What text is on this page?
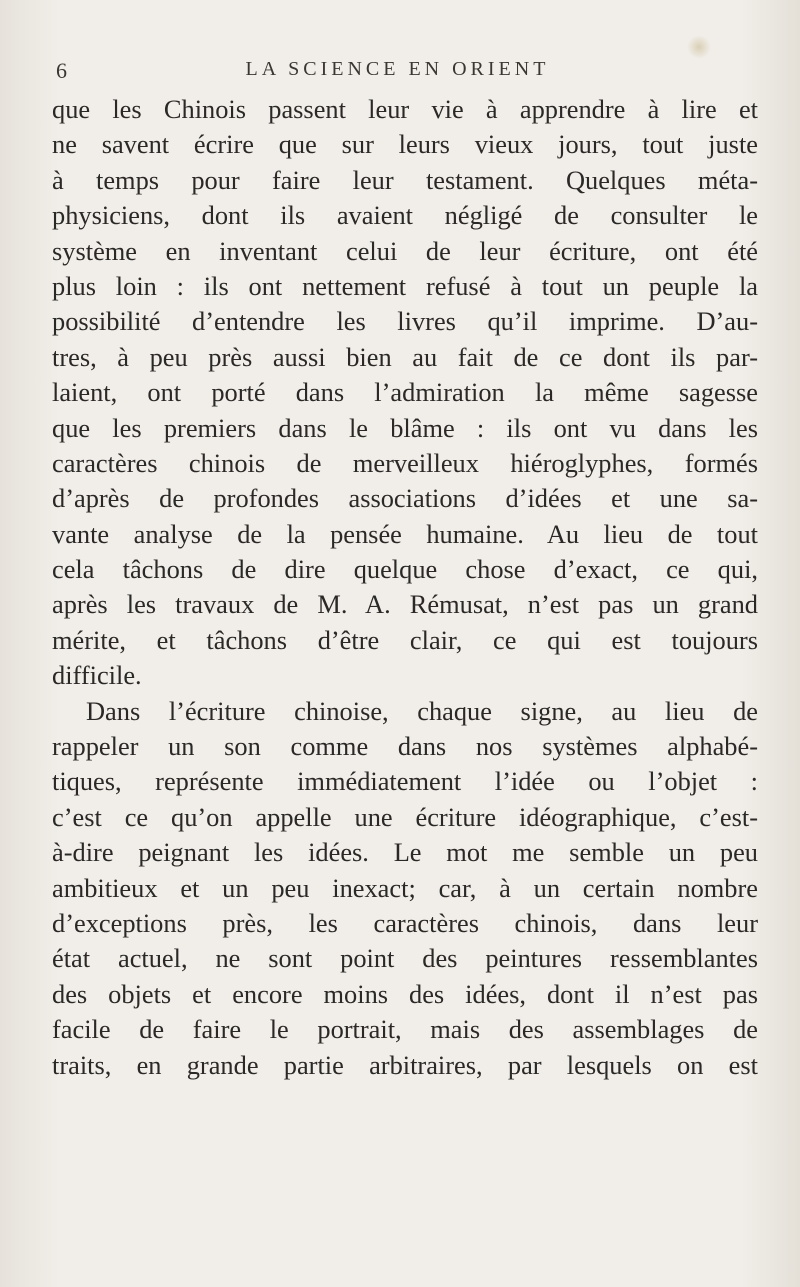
6	LA SCIENCE EN ORIENT
que les Chinois passent leur vie à apprendre à lire et
ne savent écrire que sur leurs vieux jours, tout juste
à temps pour faire leur testament. Quelques méta-
physiciens, dont ils avaient négligé de consulter le
système en inventant celui de leur écriture, ont été
plus loin : ils ont nettement refusé à tout un peuple la
possibilité d’entendre les livres qu’il imprime. D’au-
tres, à peu près aussi bien au fait de ce dont ils par-
laient, ont porté dans l’admiration la même sagesse
que les premiers dans le blâme : ils ont vu dans les
caractères chinois de merveilleux hiéroglyphes, formés
d’après de profondes associations d’idées et une sa-
vante analyse de la pensée humaine. Au lieu de tout
cela tâchons de dire quelque chose d’exact, ce qui,
après les travaux de M. A. Rémusat, n’est pas un grand
mérite, et tâchons d’être clair, ce qui est toujours
difficile.
Dans l’écriture chinoise, chaque signe, au lieu de
rappeler un son comme dans nos systèmes alphabé-
tiques, représente immédiatement l’idée ou l’objet :
c’est ce qu’on appelle une écriture idéographique, c’est-
à-dire peignant les idées. Le mot me semble un peu
ambitieux et un peu inexact; car, à un certain nombre
d’exceptions près, les caractères chinois, dans leur
état actuel, ne sont point des peintures ressemblantes
des objets et encore moins des idées, dont il n’est pas
facile de faire le portrait, mais des assemblages de
traits, en grande partie arbitraires, par lesquels on est
